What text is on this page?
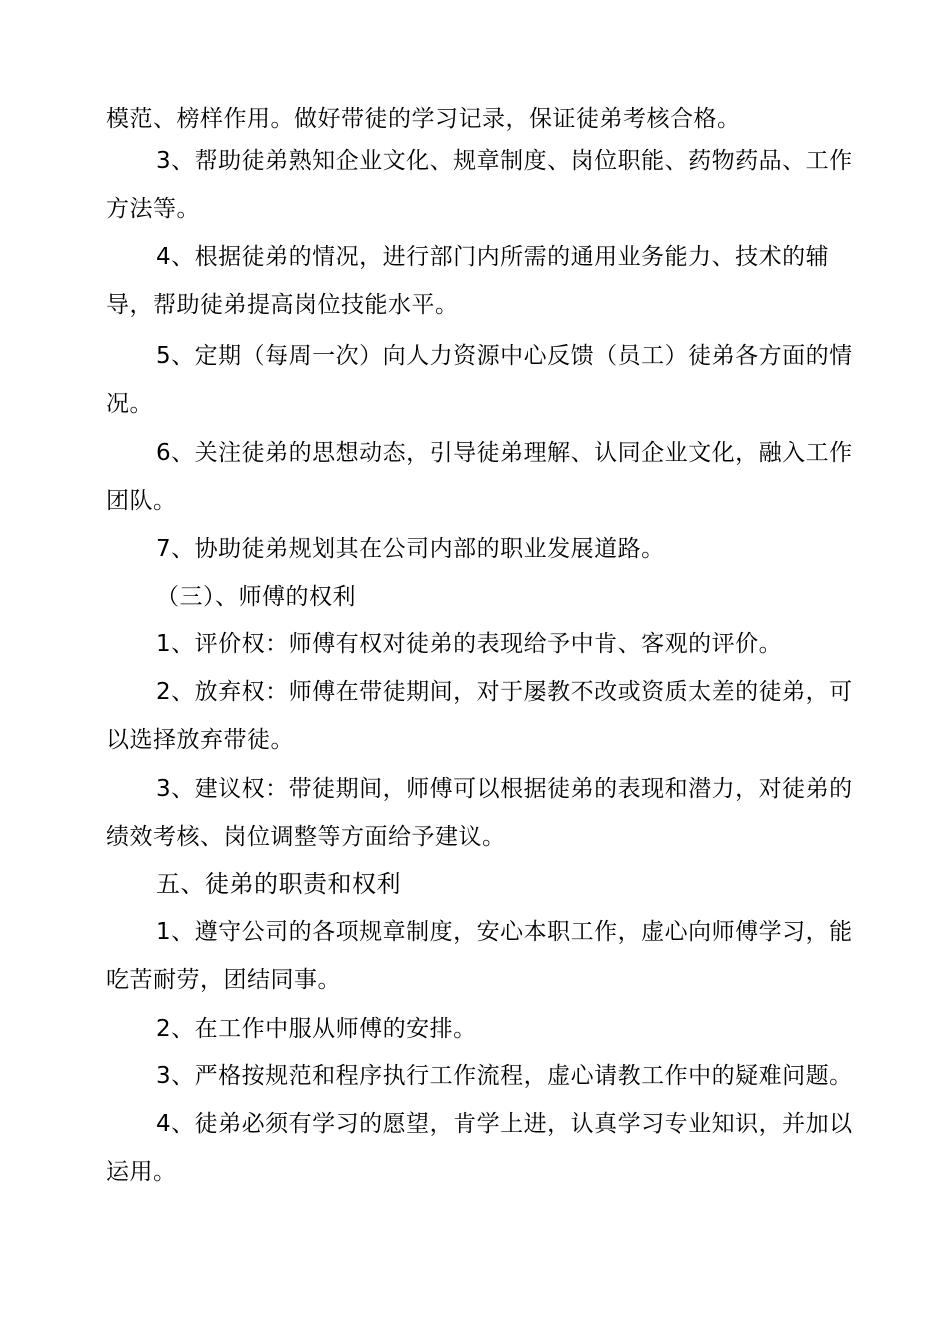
模范、榜样作用。做好带徒的学习记录，保证徒弟考核合格。

3、帮助徒弟熟知企业文化、规章制度、岗位职能、药物药品、工作方法等。

4、根据徒弟的情况，进行部门内所需的通用业务能力、技术的辅导，帮助徒弟提高岗位技能水平。

5、定期（每周一次）向人力资源中心反馈（员工）徒弟各方面的情况。

6、关注徒弟的思想动态，引导徒弟理解、认同企业文化，融入工作团队。

7、协助徒弟规划其在公司内部的职业发展道路。

（三）、师傅的权利

1、评价权：师傅有权对徒弟的表现给予中肯、客观的评价。

2、放弃权：师傅在带徒期间，对于屡教不改或资质太差的徒弟，可以选择放弃带徒。

3、建议权：带徒期间，师傅可以根据徒弟的表现和潜力，对徒弟的绩效考核、岗位调整等方面给予建议。

五、徒弟的职责和权利

1、遵守公司的各项规章制度，安心本职工作，虚心向师傅学习，能吃苦耐劳，团结同事。

2、在工作中服从师傅的安排。

3、严格按规范和程序执行工作流程，虚心请教工作中的疑难问题。

4、徒弟必须有学习的愿望，肯学上进，认真学习专业知识，并加以运用。
